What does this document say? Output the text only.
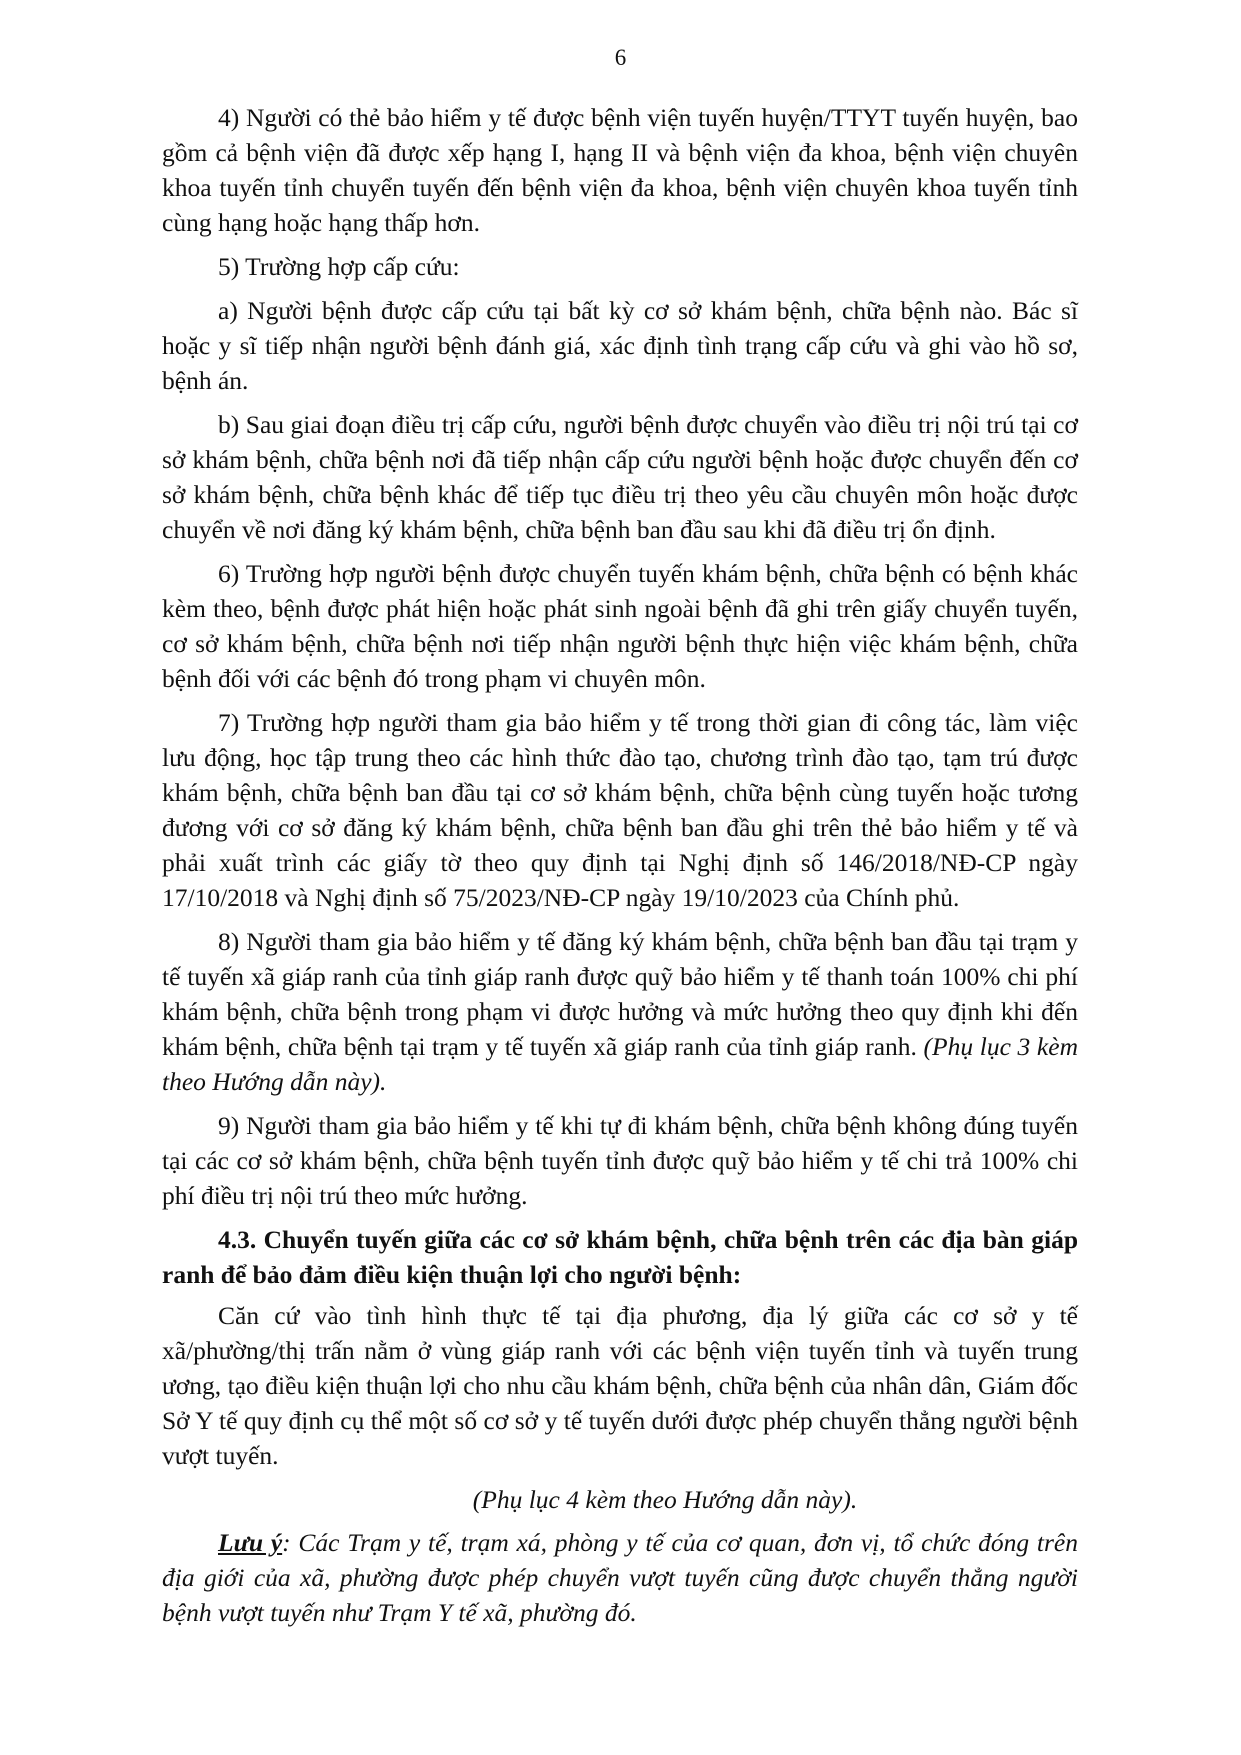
6

4) Người có thẻ bảo hiểm y tế được bệnh viện tuyến huyện/TTYT tuyến huyện, bao gồm cả bệnh viện đã được xếp hạng I, hạng II và bệnh viện đa khoa, bệnh viện chuyên khoa tuyến tỉnh chuyển tuyến đến bệnh viện đa khoa, bệnh viện chuyên khoa tuyến tỉnh cùng hạng hoặc hạng thấp hơn.

5) Trường hợp cấp cứu:

a) Người bệnh được cấp cứu tại bất kỳ cơ sở khám bệnh, chữa bệnh nào. Bác sĩ hoặc y sĩ tiếp nhận người bệnh đánh giá, xác định tình trạng cấp cứu và ghi vào hồ sơ, bệnh án.

b) Sau giai đoạn điều trị cấp cứu, người bệnh được chuyển vào điều trị nội trú tại cơ sở khám bệnh, chữa bệnh nơi đã tiếp nhận cấp cứu người bệnh hoặc được chuyển đến cơ sở khám bệnh, chữa bệnh khác để tiếp tục điều trị theo yêu cầu chuyên môn hoặc được chuyển về nơi đăng ký khám bệnh, chữa bệnh ban đầu sau khi đã điều trị ổn định.

6) Trường hợp người bệnh được chuyển tuyến khám bệnh, chữa bệnh có bệnh khác kèm theo, bệnh được phát hiện hoặc phát sinh ngoài bệnh đã ghi trên giấy chuyển tuyến, cơ sở khám bệnh, chữa bệnh nơi tiếp nhận người bệnh thực hiện việc khám bệnh, chữa bệnh đối với các bệnh đó trong phạm vi chuyên môn.

7) Trường hợp người tham gia bảo hiểm y tế trong thời gian đi công tác, làm việc lưu động, học tập trung theo các hình thức đào tạo, chương trình đào tạo, tạm trú được khám bệnh, chữa bệnh ban đầu tại cơ sở khám bệnh, chữa bệnh cùng tuyến hoặc tương đương với cơ sở đăng ký khám bệnh, chữa bệnh ban đầu ghi trên thẻ bảo hiểm y tế và phải xuất trình các giấy tờ theo quy định tại Nghị định số 146/2018/NĐ-CP ngày 17/10/2018 và Nghị định số 75/2023/NĐ-CP ngày 19/10/2023 của Chính phủ.

8) Người tham gia bảo hiểm y tế đăng ký khám bệnh, chữa bệnh ban đầu tại trạm y tế tuyến xã giáp ranh của tỉnh giáp ranh được quỹ bảo hiểm y tế thanh toán 100% chi phí khám bệnh, chữa bệnh trong phạm vi được hưởng và mức hưởng theo quy định khi đến khám bệnh, chữa bệnh tại trạm y tế tuyến xã giáp ranh của tỉnh giáp ranh. (Phụ lục 3 kèm theo Hướng dẫn này).

9) Người tham gia bảo hiểm y tế khi tự đi khám bệnh, chữa bệnh không đúng tuyến tại các cơ sở khám bệnh, chữa bệnh tuyến tỉnh được quỹ bảo hiểm y tế chi trả 100% chi phí điều trị nội trú theo mức hưởng.

4.3. Chuyển tuyến giữa các cơ sở khám bệnh, chữa bệnh trên các địa bàn giáp ranh để bảo đảm điều kiện thuận lợi cho người bệnh:

Căn cứ vào tình hình thực tế tại địa phương, địa lý giữa các cơ sở y tế xã/phường/thị trấn nằm ở vùng giáp ranh với các bệnh viện tuyến tỉnh và tuyến trung ương, tạo điều kiện thuận lợi cho nhu cầu khám bệnh, chữa bệnh của nhân dân, Giám đốc Sở Y tế quy định cụ thể một số cơ sở y tế tuyến dưới được phép chuyển thẳng người bệnh vượt tuyến.

(Phụ lục 4 kèm theo Hướng dẫn này).

Lưu ý: Các Trạm y tế, trạm xá, phòng y tế của cơ quan, đơn vị, tổ chức đóng trên địa giới của xã, phường được phép chuyển vượt tuyến cũng được chuyển thẳng người bệnh vượt tuyến như Trạm Y tế xã, phường đó.
